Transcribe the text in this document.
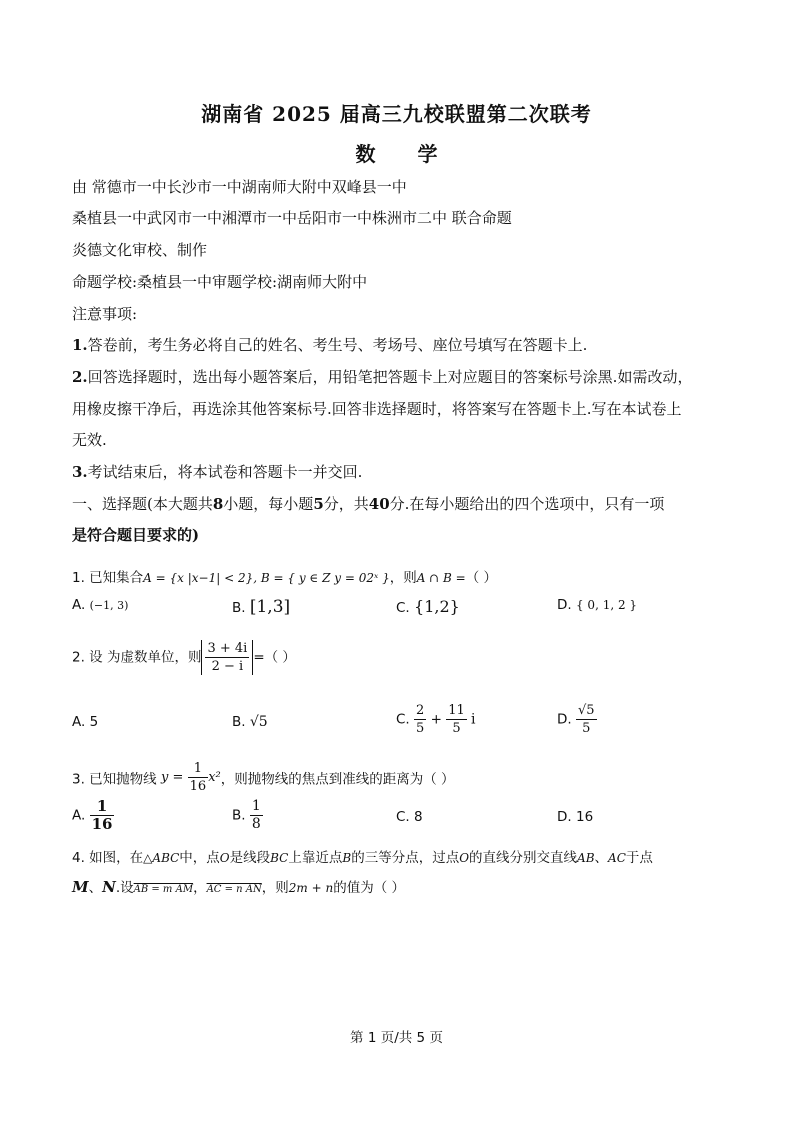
湖南省 2025 届高三九校联盟第二次联考
数 学
由 常德市一中长沙市一中湖南师大附中双峰县一中
桑植县一中武冈市一中湘潭市一中岳阳市一中株洲市二中 联合命题
炎德文化审校、制作
命题学校:桑植县一中审题学校:湖南师大附中
注意事项:
1.答卷前，考生务必将自己的姓名、考生号、考场号、座位号填写在答题卡上.
2.回答选择题时，选出每小题答案后，用铅笔把答题卡上对应题目的答案标号涂黑.如需改动，
用橡皮擦干净后，再选涂其他答案标号.回答非选择题时，将答案写在答题卡上.写在本试卷上
无效.
3.考试结束后，将本试卷和答题卡一并交回.
一、选择题(本大题共8小题，每小题5分，共40分.在每小题给出的四个选项中，只有一项
是符合题目要求的)
1. 已知集合A = {x |x−1| < 2}, B = { y ∈ Z y = 02ˣ }，则A ∩ B =（ ）
A. (−1, 3)	B. [1,3]	C. {1,2}	D. { 0, 1, 2 }
2. 设 为虚数单位，则 $\frac{3 + 4i}{2 - i}$ =（ ）
A. 5	B. √5	C. $\frac{2}{5} + \frac{11}{5}$ i	D. $\frac{√5}{5}$
3. 已知抛物线 $y = \frac{1}{16} x^2$，则抛物线的焦点到准线的距离为（ ）
A. $\frac{1}{16}$	B. $\frac{1}{8}$	C. 8	D. 16
4. 如图，在△ABC中，点O是线段BC上靠近点B的三等分点，过点O的直线分别交直线AB、AC于点
M、N.设AB = m AM，AC = n AN，则2m + n的值为（ ）
第 1 页/共 5 页
